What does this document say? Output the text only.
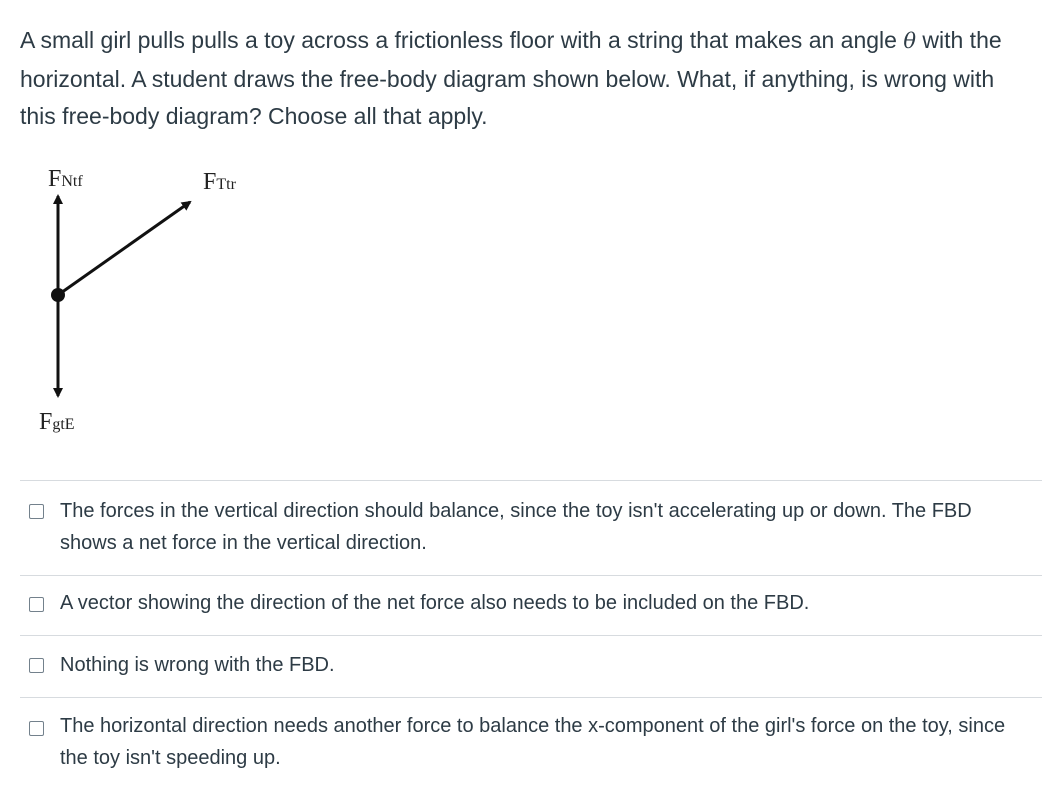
A small girl pulls pulls a toy across a frictionless floor with a string that makes an angle θ with the horizontal. A student draws the free-body diagram shown below. What, if anything, is wrong with this free-body diagram? Choose all that apply.
FNtf	FTtr
FgtE
The forces in the vertical direction should balance, since the toy isn't accelerating up or down. The FBD shows a net force in the vertical direction.
A vector showing the direction of the net force also needs to be included on the FBD.
Nothing is wrong with the FBD.
The horizontal direction needs another force to balance the x-component of the girl's force on the toy, since the toy isn't speeding up.
